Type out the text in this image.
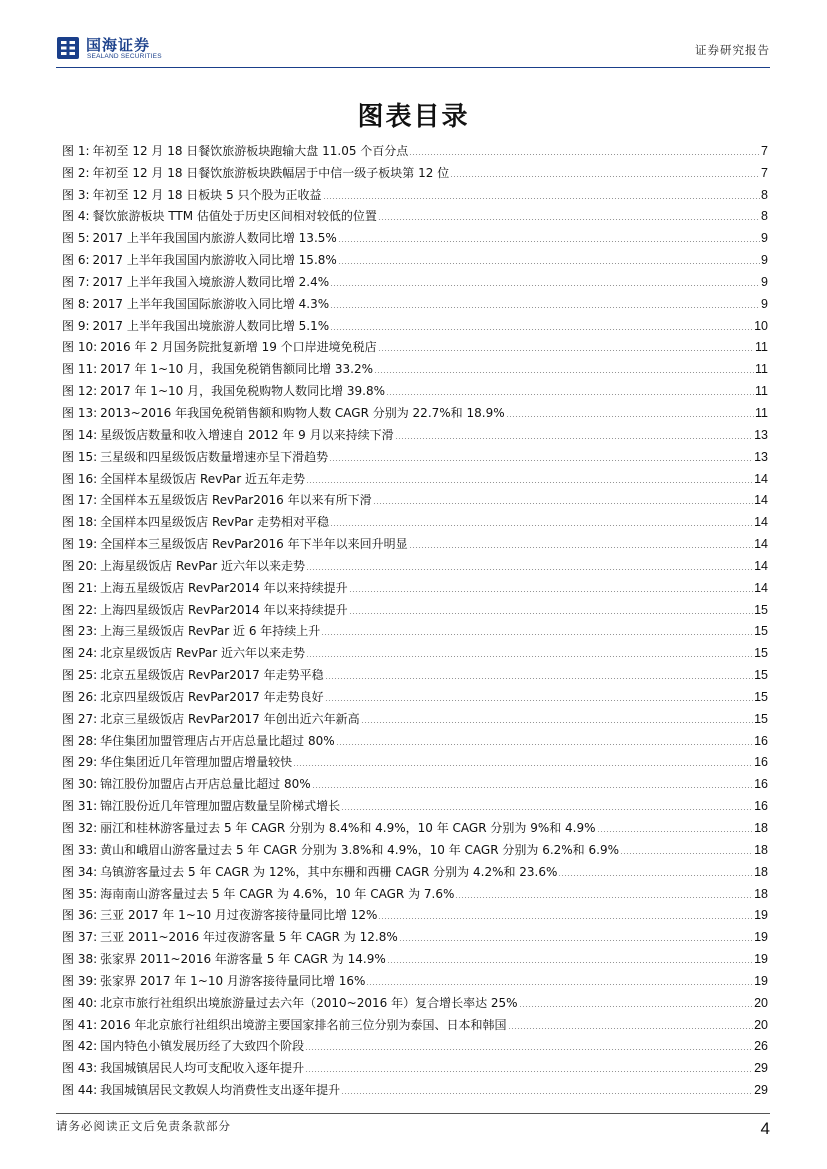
国海证券
SEALAND SECURITIES	证券研究报告
图表目录
图 1: 年初至 12 月 18 日餐饮旅游板块跑输大盘 11.05 个百分点	7
图 2: 年初至 12 月 18 日餐饮旅游板块跌幅居于中信一级子板块第 12 位	7
图 3: 年初至 12 月 18 日板块 5 只个股为正收益	8
图 4: 餐饮旅游板块 TTM 估值处于历史区间相对较低的位置	8
图 5: 2017 上半年我国国内旅游人数同比增 13.5%	9
图 6: 2017 上半年我国国内旅游收入同比增 15.8%	9
图 7: 2017 上半年我国入境旅游人数同比增 2.4%	9
图 8: 2017 上半年我国国际旅游收入同比增 4.3%	9
图 9: 2017 上半年我国出境旅游人数同比增 5.1%	10
图 10: 2016 年 2 月国务院批复新增 19 个口岸进境免税店	11
图 11: 2017 年 1~10 月，我国免税销售额同比增 33.2%	11
图 12: 2017 年 1~10 月，我国免税购物人数同比增 39.8%	11
图 13: 2013~2016 年我国免税销售额和购物人数 CAGR 分别为 22.7%和 18.9%	11
图 14: 星级饭店数量和收入增速自 2012 年 9 月以来持续下滑	13
图 15: 三星级和四星级饭店数量增速亦呈下滑趋势	13
图 16: 全国样本星级饭店 RevPar 近五年走势	14
图 17: 全国样本五星级饭店 RevPar2016 年以来有所下滑	14
图 18: 全国样本四星级饭店 RevPar 走势相对平稳	14
图 19: 全国样本三星级饭店 RevPar2016 年下半年以来回升明显	14
图 20: 上海星级饭店 RevPar 近六年以来走势	14
图 21: 上海五星级饭店 RevPar2014 年以来持续提升	14
图 22: 上海四星级饭店 RevPar2014 年以来持续提升	15
图 23: 上海三星级饭店 RevPar 近 6 年持续上升	15
图 24: 北京星级饭店 RevPar 近六年以来走势	15
图 25: 北京五星级饭店 RevPar2017 年走势平稳	15
图 26: 北京四星级饭店 RevPar2017 年走势良好	15
图 27: 北京三星级饭店 RevPar2017 年创出近六年新高	15
图 28: 华住集团加盟管理店占开店总量比超过 80%	16
图 29: 华住集团近几年管理加盟店增量较快	16
图 30: 锦江股份加盟店占开店总量比超过 80%	16
图 31: 锦江股份近几年管理加盟店数量呈阶梯式增长	16
图 32: 丽江和桂林游客量过去 5 年 CAGR 分别为 8.4%和 4.9%，10 年 CAGR 分别为 9%和 4.9%	18
图 33: 黄山和峨眉山游客量过去 5 年 CAGR 分别为 3.8%和 4.9%，10 年 CAGR 分别为 6.2%和 6.9%	18
图 34: 乌镇游客量过去 5 年 CAGR 为 12%，其中东栅和西栅 CAGR 分别为 4.2%和 23.6%	18
图 35: 海南南山游客量过去 5 年 CAGR 为 4.6%，10 年 CAGR 为 7.6%	18
图 36: 三亚 2017 年 1~10 月过夜游客接待量同比增 12%	19
图 37: 三亚 2011~2016 年过夜游客量 5 年 CAGR 为 12.8%	19
图 38: 张家界 2011~2016 年游客量 5 年 CAGR 为 14.9%	19
图 39: 张家界 2017 年 1~10 月游客接待量同比增 16%	19
图 40: 北京市旅行社组织出境旅游量过去六年（2010~2016 年）复合增长率达 25%	20
图 41: 2016 年北京旅行社组织出境游主要国家排名前三位分别为泰国、日本和韩国	20
图 42: 国内特色小镇发展历经了大致四个阶段	26
图 43: 我国城镇居民人均可支配收入逐年提升	29
图 44: 我国城镇居民文教娱人均消费性支出逐年提升	29
请务必阅读正文后免责条款部分	4
